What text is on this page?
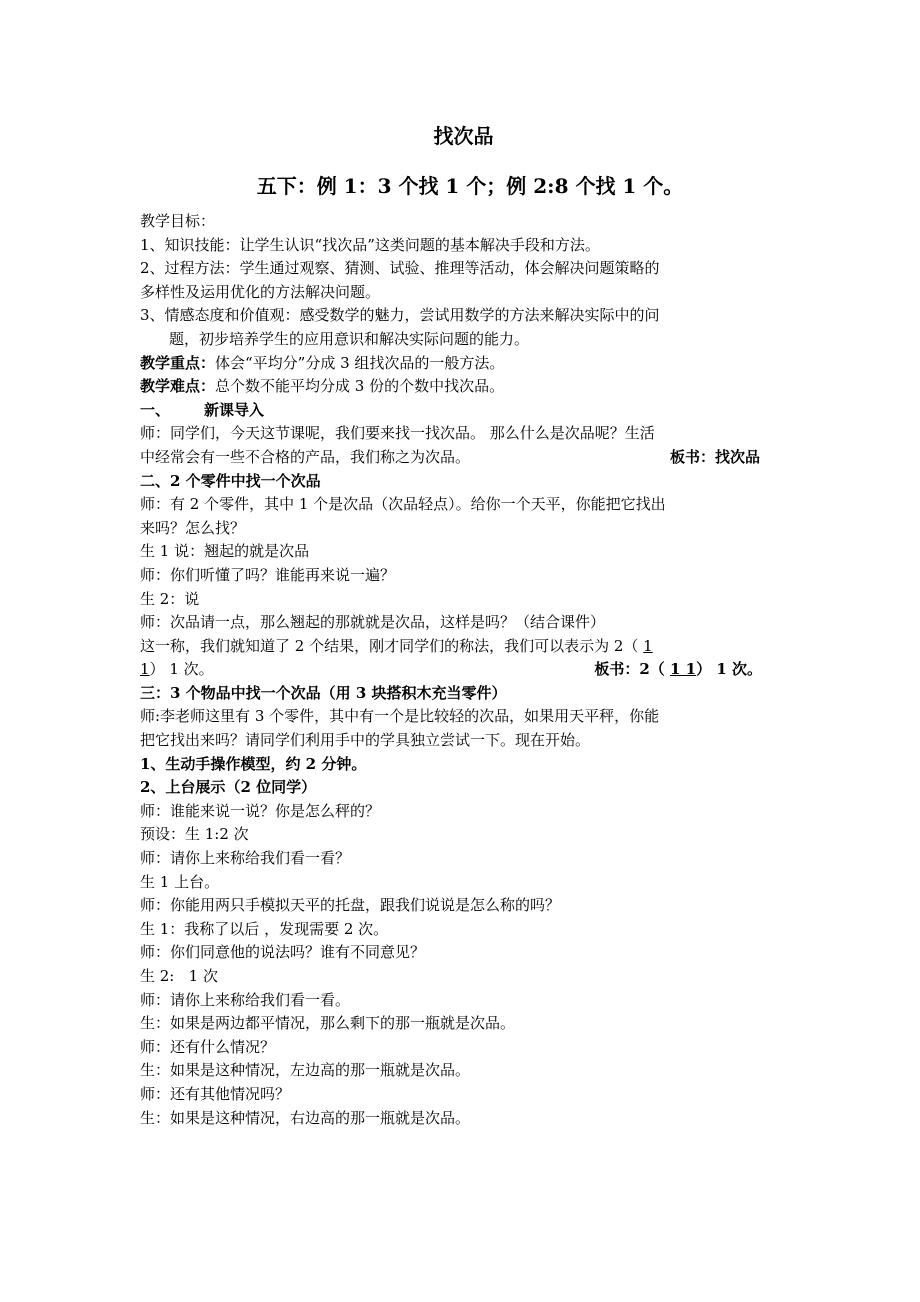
找次品
五下：例 1：3 个找 1 个；例 2:8 个找 1 个。
教学目标：
1、知识技能：让学生认识“找次品”这类问题的基本解决手段和方法。
2、过程方法：学生通过观察、猜测、试验、推理等活动，体会解决问题策略的
多样性及运用优化的方法解决问题。
3、情感态度和价值观：感受数学的魅力，尝试用数学的方法来解决实际中的问
题，初步培养学生的应用意识和解决实际问题的能力。
教学重点：体会“平均分”分成 3 组找次品的一般方法。
教学难点：总个数不能平均分成 3 份的个数中找次品。
一、 新课导入
师：同学们，今天这节课呢，我们要来找一找次品。 那么什么是次品呢？生活
中经常会有一些不合格的产品，我们称之为次品。	板书：找次品
二、2 个零件中找一个次品
师：有 2 个零件，其中 1 个是次品（次品轻点）。给你一个天平，你能把它找出
来吗？怎么找？
生 1 说：翘起的就是次品
师：你们听懂了吗？谁能再来说一遍？
生 2：说
师：次品请一点，那么翘起的那就就是次品，这样是吗？（结合课件）
这一称，我们就知道了 2 个结果，刚才同学们的称法，我们可以表示为 2（ 1
1） 1 次。	板书：2（ 1 1） 1 次。
三：3 个物品中找一个次品（用 3 块搭积木充当零件）
师:李老师这里有 3 个零件，其中有一个是比较轻的次品，如果用天平秤，你能
把它找出来吗？请同学们利用手中的学具独立尝试一下。现在开始。
1、生动手操作模型，约 2 分钟。
2、上台展示（2 位同学）
师：谁能来说一说？你是怎么秤的？
预设：生 1:2 次
师：请你上来称给我们看一看？
生 1 上台。
师：你能用两只手模拟天平的托盘，跟我们说说是怎么称的吗？
生 1：我称了以后 ，发现需要 2 次。
师：你们同意他的说法吗？谁有不同意见？
生 2:   1 次
师：请你上来称给我们看一看。
生：如果是两边都平情况，那么剩下的那一瓶就是次品。
师：还有什么情况？
生：如果是这种情况，左边高的那一瓶就是次品。
师：还有其他情况吗？
生：如果是这种情况，右边高的那一瓶就是次品。
